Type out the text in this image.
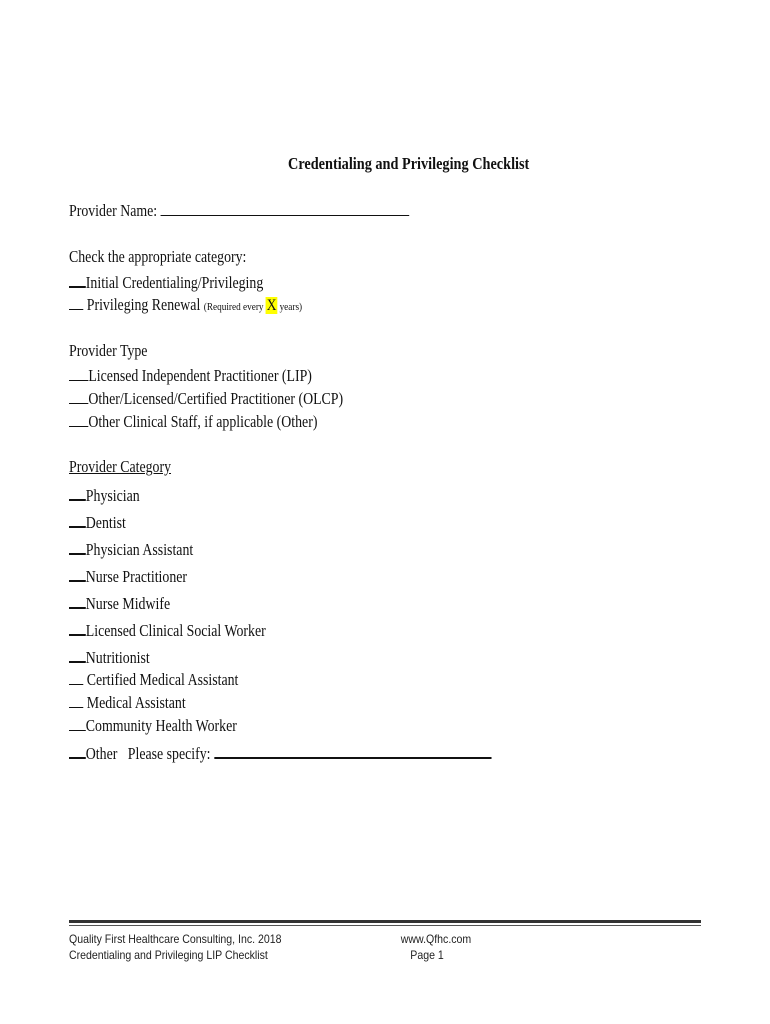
Credentialing and Privileging Checklist
Provider Name:
Check the appropriate category:
Initial Credentialing/Privileging
Privileging Renewal (Required every X years)
Provider Type
Licensed Independent Practitioner (LIP)
Other/Licensed/Certified Practitioner (OLCP)
Other Clinical Staff, if applicable (Other)
Provider Category
Physician
Dentist
Physician Assistant
Nurse Practitioner
Nurse Midwife
Licensed Clinical Social Worker
Nutritionist
Certified Medical Assistant
Medical Assistant
Community Health Worker
Other Please specify:
Quality First Healthcare Consulting, Inc. 2018
Credentialing and Privileging LIP Checklist
www.Qfhc.com
Page 1
